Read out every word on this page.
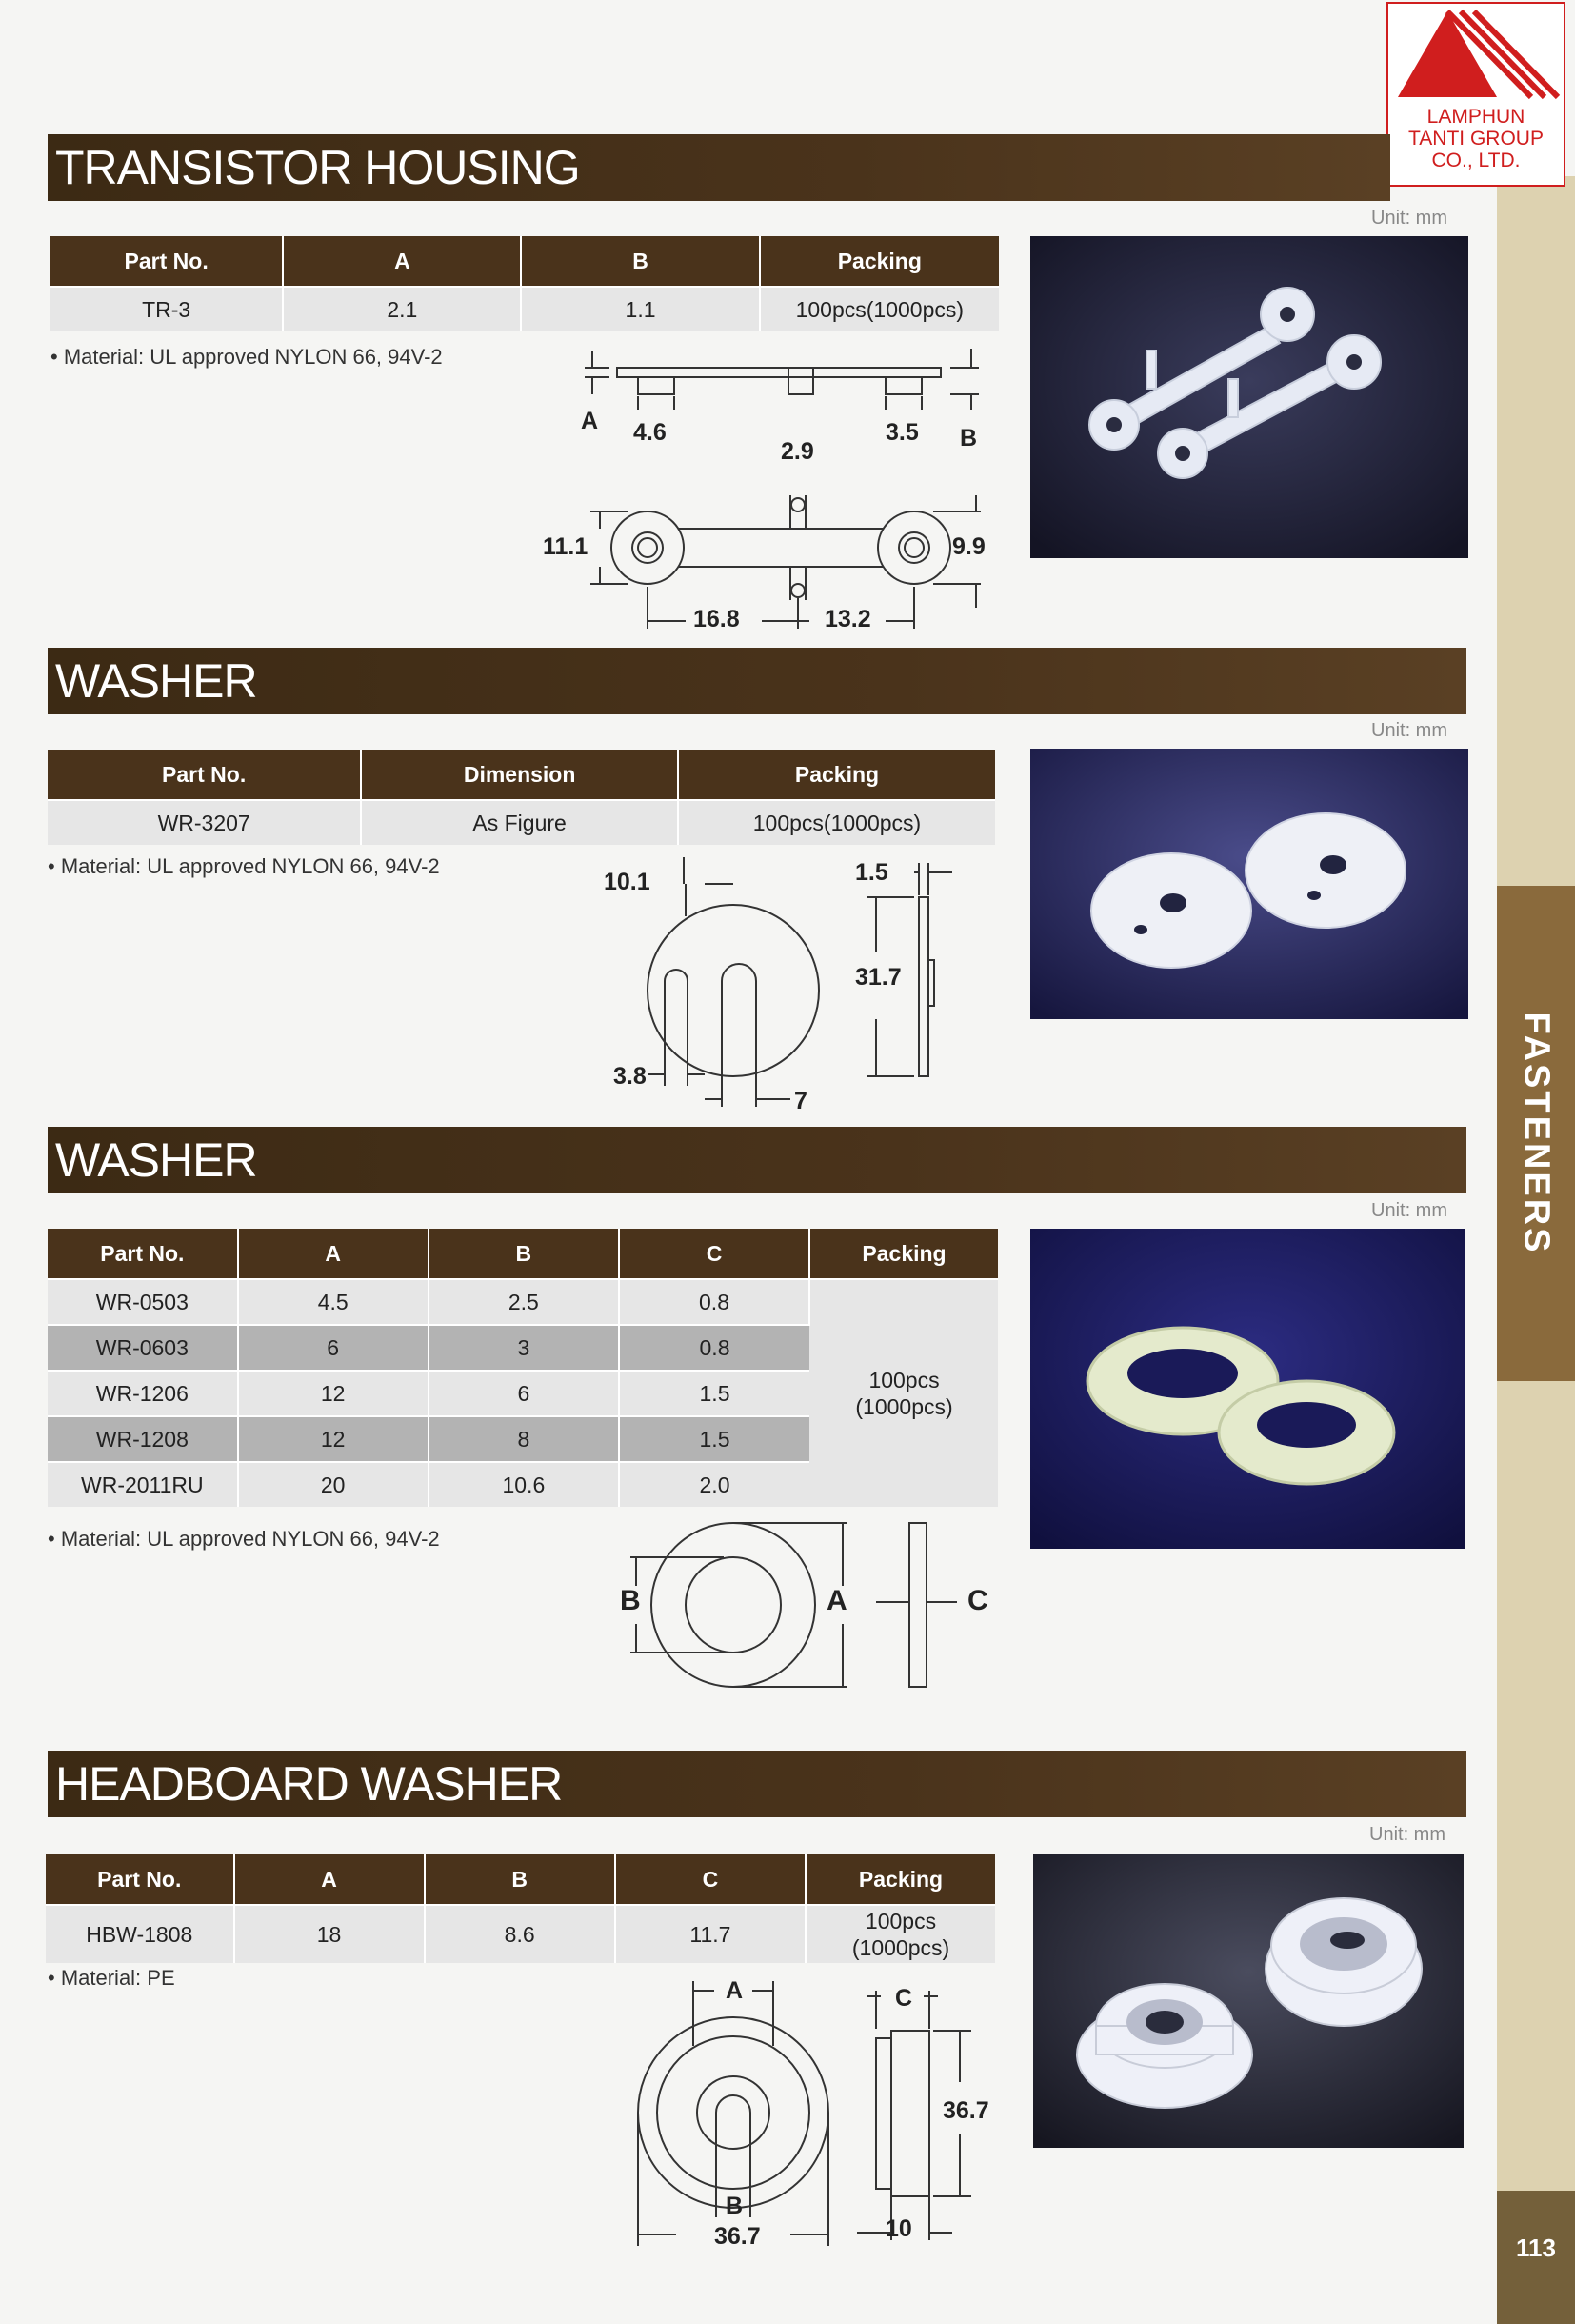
FASTENERS
113
LAMPHUN
TANTI GROUP
CO., LTD.
TRANSISTOR HOUSING
Unit: mm
Part No.	A	B	Packing
TR-3	2.1	1.1	100pcs(1000pcs)
• Material: UL approved NYLON 66, 94V-2
A 4.6	3.5 B
2.9
11.1	9.9
16.8	13.2
WASHER
Unit: mm
Part No.	Dimension	Packing
WR-3207	As Figure	100pcs(1000pcs)
• Material: UL approved NYLON 66, 94V-2
10.1	1.5
31.7
3.8
7
WASHER
Unit: mm
Part No.	A	B	C	Packing
WR-0503	4.5	2.5	0.8	100pcs
(1000pcs)

WR-0603	6	3	0.8	
WR-1206	12	6	1.5	
WR-1208	12	8	1.5	
WR-2011RU	20	10.6	2.0	
• Material: UL approved NYLON 66, 94V-2
B	A	C
HEADBOARD WASHER
Unit: mm
Part No.	A	B	C	Packing
HBW-1808	18	8.6	11.7	100pcs
(1000pcs)
• Material: PE	A	C
36.7
B
36.7	10
